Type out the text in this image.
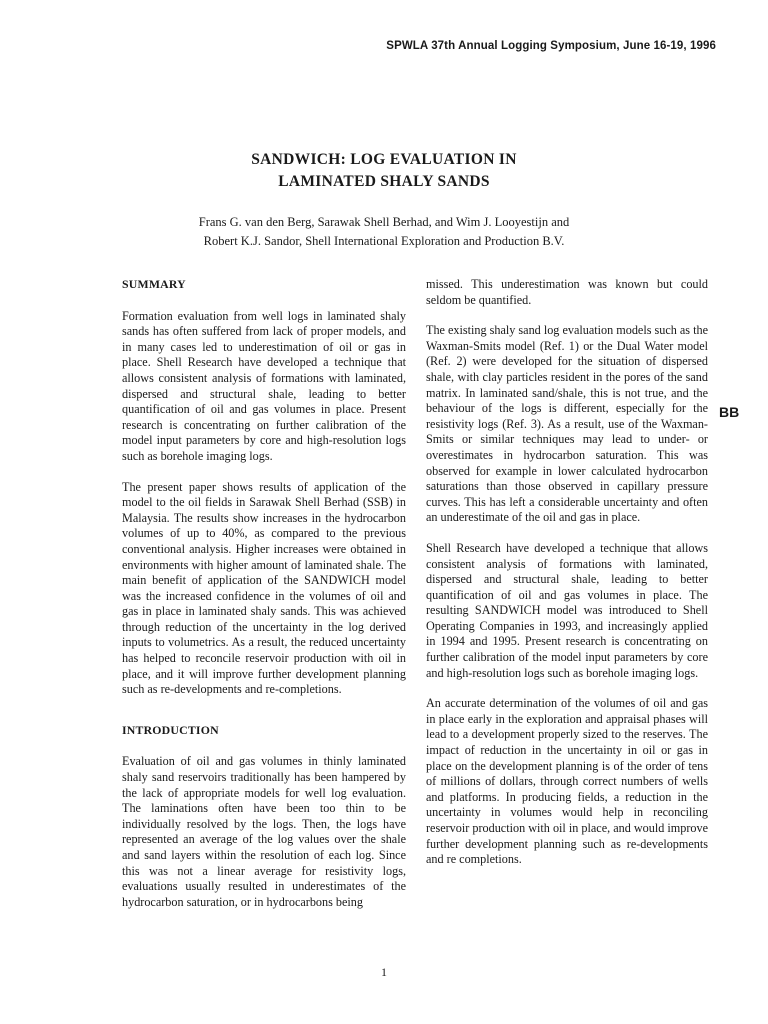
SPWLA 37th Annual Logging Symposium, June 16-19, 1996
SANDWICH: LOG EVALUATION IN
LAMINATED SHALY SANDS
Frans G. van den Berg, Sarawak Shell Berhad, and Wim J. Looyestijn and
Robert K.J. Sandor, Shell International Exploration and Production B.V.
SUMMARY

Formation evaluation from well logs in laminated shaly sands has often suffered from lack of proper models, and in many cases led to underestimation of oil or gas in place. Shell Research have developed a technique that allows consistent analysis of formations with laminated, dispersed and structural shale, leading to better quantification of oil and gas volumes in place. Present research is concentrating on further calibration of the model input parameters by core and high-resolution logs such as borehole imaging logs.

The present paper shows results of application of the model to the oil fields in Sarawak Shell Berhad (SSB) in Malaysia. The results show increases in the hydrocarbon volumes of up to 40%, as compared to the previous conventional analysis. Higher increases were obtained in environments with higher amount of laminated shale. The main benefit of application of the SANDWICH model was the increased confidence in the volumes of oil and gas in place in laminated shaly sands. This was achieved through reduction of the uncertainty in the log derived inputs to volumetrics. As a result, the reduced uncertainty has helped to reconcile reservoir production with oil in place, and it will improve further development planning such as re-developments and re-completions.

INTRODUCTION

Evaluation of oil and gas volumes in thinly laminated shaly sand reservoirs traditionally has been hampered by the lack of appropriate models for well log evaluation. The laminations often have been too thin to be individually resolved by the logs. Then, the logs have represented an average of the log values over the shale and sand layers within the resolution of each log. Since this was not a linear average for resistivity logs, evaluations usually resulted in underestimates of the hydrocarbon saturation, or in hydrocarbons being

missed. This underestimation was known but could seldom be quantified.

The existing shaly sand log evaluation models such as the Waxman-Smits model (Ref. 1) or the Dual Water model (Ref. 2) were developed for the situation of dispersed shale, with clay particles resident in the pores of the sand matrix. In laminated sand/shale, this is not true, and the behaviour of the logs is different, especially for the resistivity logs (Ref. 3). As a result, use of the Waxman-Smits or similar techniques may lead to under- or overestimates in hydrocarbon saturation. This was observed for example in lower calculated hydrocarbon saturations than those observed in capillary pressure curves. This has left a considerable uncertainty and often an underestimate of the oil and gas in place.

Shell Research have developed a technique that allows consistent analysis of formations with laminated, dispersed and structural shale, leading to better quantification of oil and gas volumes in place. The resulting SANDWICH model was introduced to Shell Operating Companies in 1993, and increasingly applied in 1994 and 1995. Present research is concentrating on further calibration of the model input parameters by core and high-resolution logs such as borehole imaging logs.

An accurate determination of the volumes of oil and gas in place early in the exploration and appraisal phases will lead to a development properly sized to the reserves. The impact of reduction in the uncertainty in oil or gas in place on the development planning is of the order of tens of millions of dollars, through correct numbers of wells and platforms. In producing fields, a reduction in the uncertainty in volumes would help in reconciling reservoir production with oil in place, and would improve further development planning such as re-developments and re completions.

BB
1
